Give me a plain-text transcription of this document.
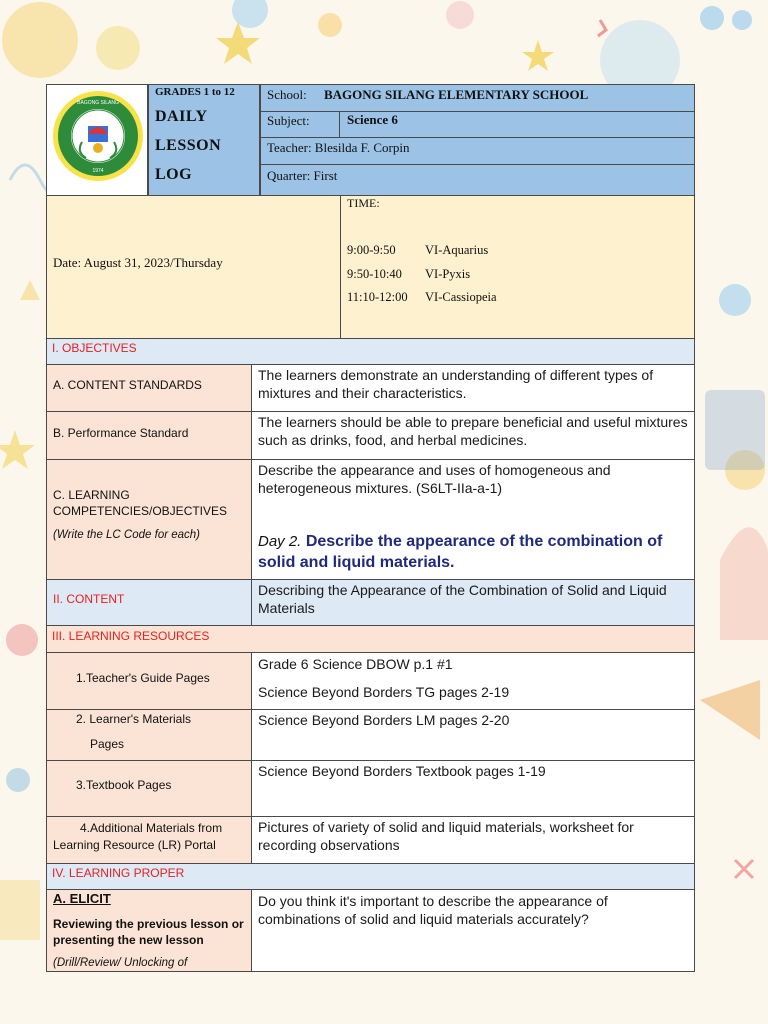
BAGONG SILANG
1974
GRADES 1 to 12
DAILY
LESSON
LOG
School: BAGONG SILANG ELEMENTARY SCHOOL
Subject:	Science 6
Teacher: Blesilda F. Corpin
Quarter: First
Date: August 31, 2023/Thursday
TIME:
9:00-9:50 VI-Aquarius
9:50-10:40 VI-Pyxis
11:10-12:00 VI-Cassiopeia
I. OBJECTIVES
A. CONTENT STANDARDS
The learners demonstrate an understanding of different types of mixtures and their characteristics.
B. Performance Standard
The learners should be able to prepare beneficial and useful mixtures such as drinks, food, and herbal medicines.
C. LEARNING COMPETENCIES/OBJECTIVES
(Write the LC Code for each)
Describe the appearance and uses of homogeneous and heterogeneous mixtures. (S6LT-IIa-a-1)
Day 2. Describe the appearance of the combination of solid and liquid materials.
II. CONTENT
Describing the Appearance of the Combination of Solid and Liquid Materials
III. LEARNING RESOURCES
1.Teacher's Guide Pages
Grade 6 Science DBOW p.1 #1
Science Beyond Borders TG pages 2-19
2. Learner's Materials
Pages
Science Beyond Borders LM pages 2-20
3.Textbook Pages
Science Beyond Borders Textbook pages 1-19
4.Additional Materials from
Learning Resource (LR) Portal
Pictures of variety of solid and liquid materials, worksheet for recording observations
IV. LEARNING PROPER
A. ELICIT
Reviewing the previous lesson or presenting the new lesson
(Drill/Review/ Unlocking of
Do you think it's important to describe the appearance of combinations of solid and liquid materials accurately?
